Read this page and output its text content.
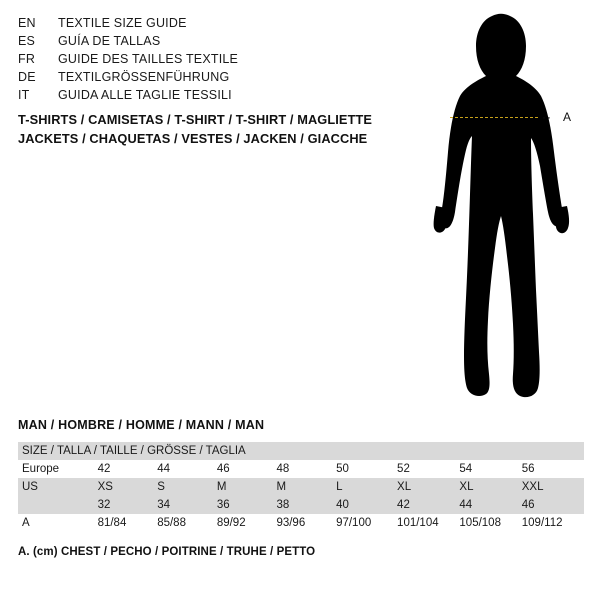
EN	TEXTILE SIZE GUIDE
ES	GUÍA DE TALLAS
FR	GUIDE DES TAILLES TEXTILE
DE	TEXTILGRÖSSENFÜHRUNG
IT	GUIDA ALLE TAGLIE TESSILI
T-SHIRTS / CAMISETAS / T-SHIRT / T-SHIRT / MAGLIETTE
JACKETS / CHAQUETAS / VESTES / JACKEN / GIACCHE
·· A
MAN / HOMBRE / HOMME / MANN / MAN
SIZE / TALLA / TAILLE / GRÖSSE / TAGLIA								
Europe	42	44	46	48	50	52	54	56
US	XS	S	M	M	L	XL	XL	XXL
	32	34	36	38	40	42	44	46
A	81/84	85/88	89/92	93/96	97/100	101/104	105/108	109/112
A. (cm) CHEST / PECHO / POITRINE / TRUHE / PETTO
